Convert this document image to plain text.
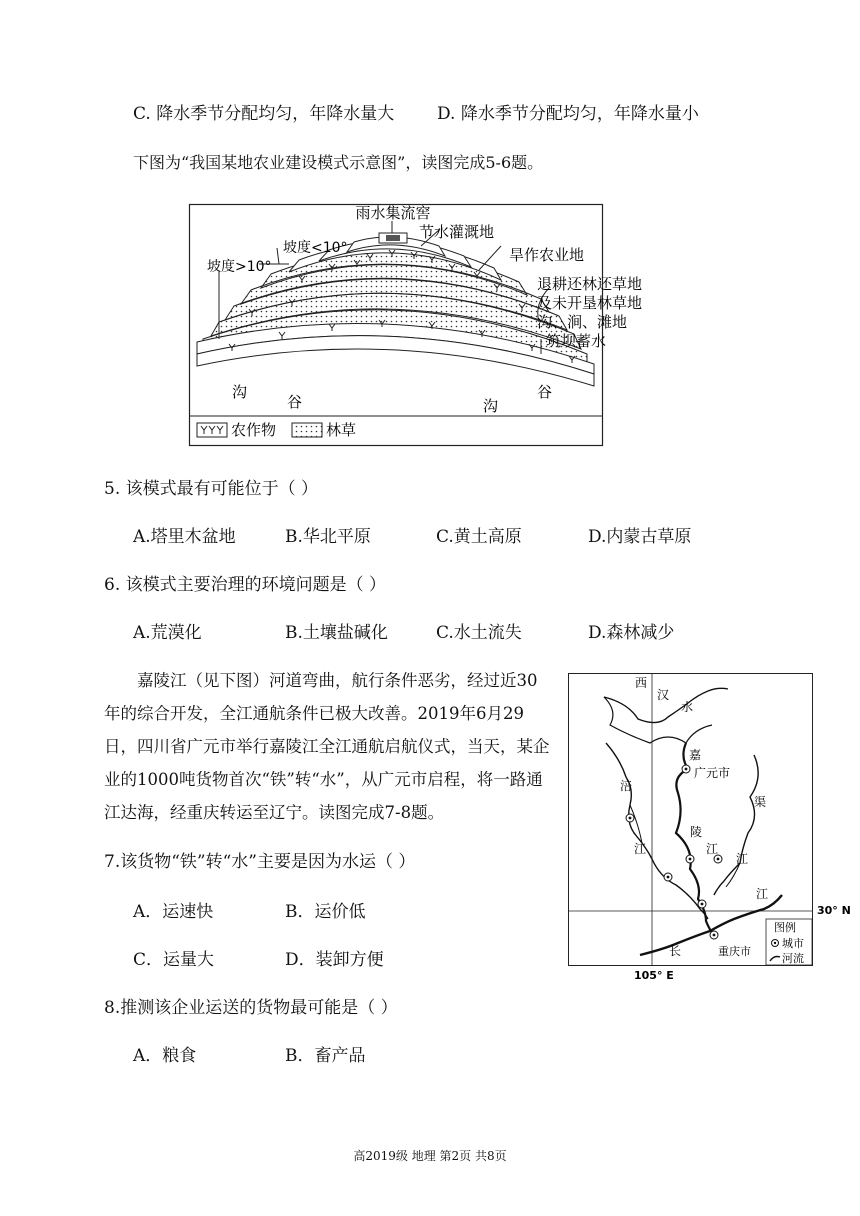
C. 降水季节分配均匀，年降水量大	D. 降水季节分配均匀，年降水量小
下图为“我国某地农业建设模式示意图”，读图完成5-6题。
雨水集流窖
节水灌溉地
坡度<10°
坡度>10°
旱作农业地
退耕还林还草地
及未开垦林草地
沟、涧、滩地
筑坝蓄水
沟
谷	沟
谷
农作物	林草
5. 该模式最有可能位于（ ）
A.塔里木盆地	B.华北平原	C.黄土高原	D.内蒙古草原
6. 该模式主要治理的环境问题是（ ）
A.荒漠化	B.土壤盐碱化	C.水土流失	D.森林减少
嘉陵江（见下图）河道弯曲，航行条件恶劣，经过近30年的综合开发，全江通航条件已极大改善。2019年6月29日，四川省广元市举行嘉陵江全江通航启航仪式，当天，某企业的1000吨货物首次“铁”转“水”，从广元市启程，将一路通江达海，经重庆转运至辽宁。读图完成7-8题。
西
汉
水
嘉
广元市
陵
江
涪
江
渠
江
江
长	重庆市
30° N
105° E
图例
城市
河流
7.该货物“铁”转“水”主要是因为水运（ ）
A．运速快	B．运价低
C．运量大	D．装卸方便
8.推测该企业运送的货物最可能是（ ）
A．粮食	B．畜产品
高2019级 地理 第2页 共8页
